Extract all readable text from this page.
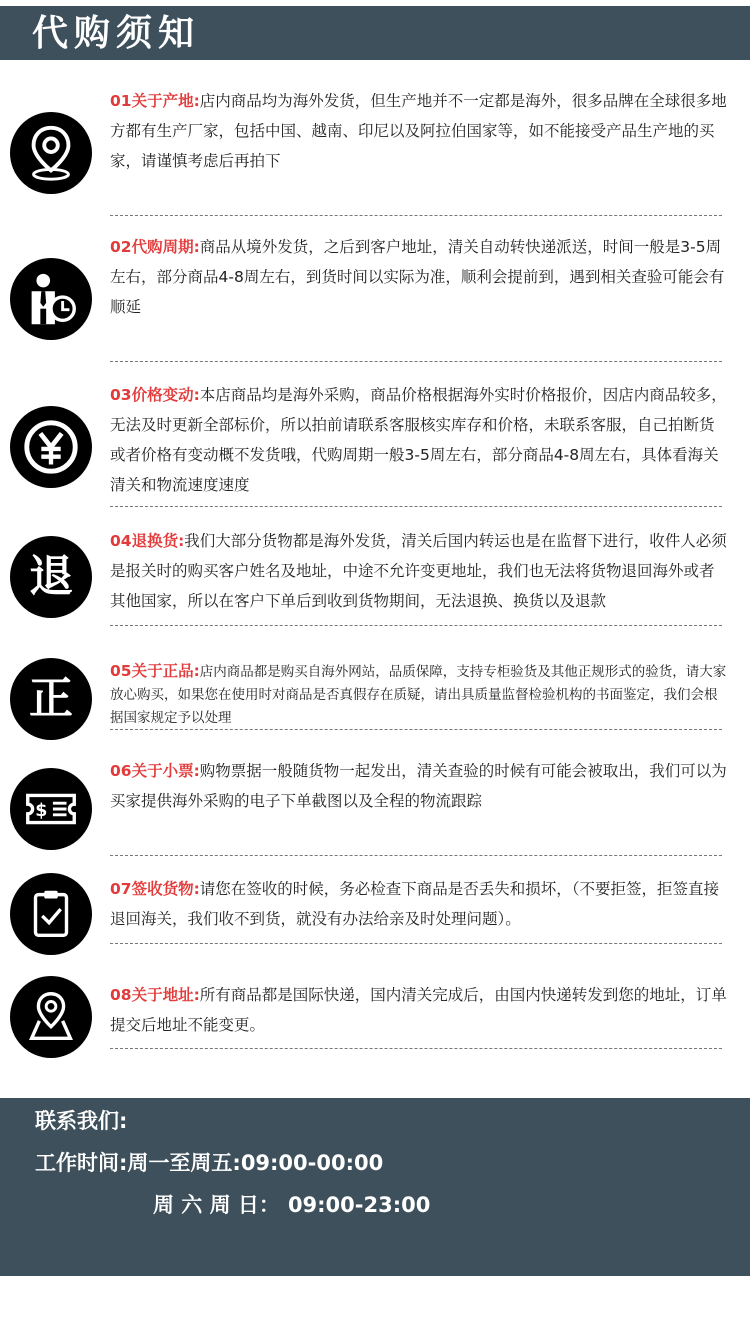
代购须知
01关于产地:店内商品均为海外发货，但生产地并不一定都是海外，很多品牌在全球很多地方都有生产厂家，包括中国、越南、印尼以及阿拉伯国家等，如不能接受产品生产地的买家，请谨慎考虑后再拍下
02代购周期:商品从境外发货，之后到客户地址，清关自动转快递派送，时间一般是3-5周左右，部分商品4-8周左右，到货时间以实际为准，顺利会提前到，遇到相关查验可能会有顺延
03价格变动:本店商品均是海外采购，商品价格根据海外实时价格报价，因店内商品较多，无法及时更新全部标价，所以拍前请联系客服核实库存和价格，未联系客服，自己拍断货或者价格有变动概不发货哦，代购周期一般3-5周左右，部分商品4-8周左右，具体看海关清关和物流速度速度
退
04退换货:我们大部分货物都是海外发货，清关后国内转运也是在监督下进行，收件人必须是报关时的购买客户姓名及地址，中途不允许变更地址，我们也无法将货物退回海外或者其他国家，所以在客户下单后到收到货物期间，无法退换、换货以及退款
正
05关于正品:店内商品都是购买自海外网站，品质保障，支持专柜验货及其他正规形式的验货，请大家放心购买，如果您在使用时对商品是否真假存在质疑，请出具质量监督检验机构的书面鉴定，我们会根据国家规定予以处理
$
06关于小票:购物票据一般随货物一起发出，清关查验的时候有可能会被取出，我们可以为买家提供海外采购的电子下单截图以及全程的物流跟踪
07签收货物:请您在签收的时候，务必检查下商品是否丢失和损坏，（不要拒签，拒签直接退回海关，我们收不到货，就没有办法给亲及时处理问题）。
08关于地址:所有商品都是国际快递，国内清关完成后，由国内快递转发到您的地址，订单提交后地址不能变更。
联系我们:
工作时间:周一至周五:09:00-00:00
周 六 周 日： 09:00-23:00
